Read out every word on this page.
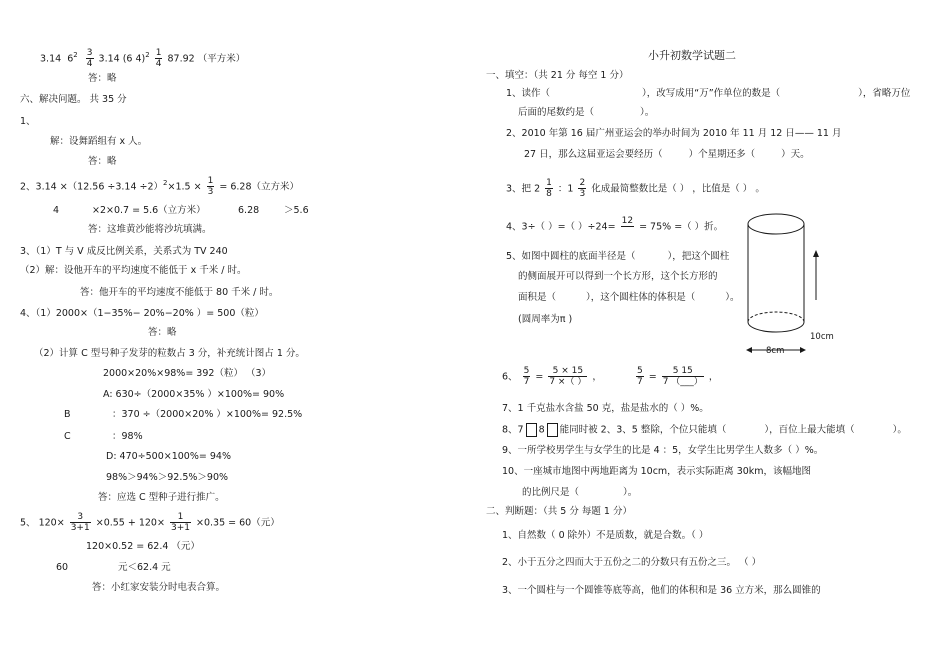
3.14 $6^2 \frac{3}{4} 3.14$ (6 $4)^2 \frac{1}{4} 87.92$ （平方米）
答：略
六、解决问题。 共 35 分
1、
解：设舞蹈组有 x 人。
答：略
2、$3.14 \times(12.56 \div 3.14 \div 2)^2\times 1.5 \times \frac{1}{3} = 6.28$（立方米）
4	×2×0.7 = 5.6（立方米）	6.28	＞5.6
答：这堆黄沙能将沙坑填满。
3、（1）T 与 V 成反比例关系，关系式为 TV 240
（2）解：设他开车的平均速度不能低于 x 千米 / 时。
答：他开车的平均速度不能低于 80 千米 / 时。
4、（1）2000×（1−35%− 20%−20% ）= 500（粒）
答：略
（2）计算 C 型号种子发芽的粒数占 3 分，补充统计图占 1 分。
2000×20%×98%= 392（粒） （3）
A: 630÷（2000×35% ）×100%= 90%
B	：370 ÷（2000×20% ）×100%= 92.5%
C	：98%
D: 470÷500×100%= 94%
98%＞94%＞92.5%＞90%
答：应选 C 型种子进行推广。
5、 $120\times \frac{3}{3+1} \times 0.55 + 120\times \frac{1}{3+1} \times 0.35 = 60$（元）
120×0.52 = 62.4 （元）
60	元＜62.4 元
答：小红家安装分时电表合算。
小升初数学试题二
一、填空：（共 21 分 每空 1 分）
1、读作（	），改写成用“万”作单位的数是（	），省略万位
后面的尾数约是（	）。
2、2010 年第 16 届广州亚运会的举办时间为 2010 年 11 月 12 日—— 11 月
27 日，那么这届亚运会要经历（	）个星期还多（	）天。
3、把 $2 \frac{1}{8}$ ：$1 \frac{2}{3}$ 化成最简整数比是（ ） ，比值是（ ） 。
4、3÷（ ）=（ ）÷24=
12

= 75% =（ ）折。
5、如图中圆柱的底面半径是（	），把这个圆柱
的侧面展开可以得到一个长方形，这个长方形的
面积是（	），这个圆柱体的体积是（	）。
(圆周率为π )
10cm
8cm
6、 $\frac{5}{7} = \frac{5 \times 15}{7 \times( )}$ ，	$\frac{5}{7} = \frac{5 15}{7 (\_\_\_)}$ ，
7、1 千克盐水含盐 50 克，盐是盐水的（ ）%。
8、7 8 能同时被 2、3、5 整除，个位只能填（	），百位上最大能填（	）。
9、一所学校男学生与女学生的比是 4 ：5，女学生比男学生人数多（ ）%。
10、一座城市地图中两地距离为 10cm，表示实际距离 30km，该幅地图
的比例尺是（	）。
二、判断题：（共 5 分 每题 1 分）
1、自然数（ 0 除外）不是质数，就是合数。（ ）
2、小于五分之四而大于五份之二的分数只有五份之三。 （ ）
3、一个圆柱与一个圆锥等底等高，他们的体积和是 36 立方米，那么圆锥的
